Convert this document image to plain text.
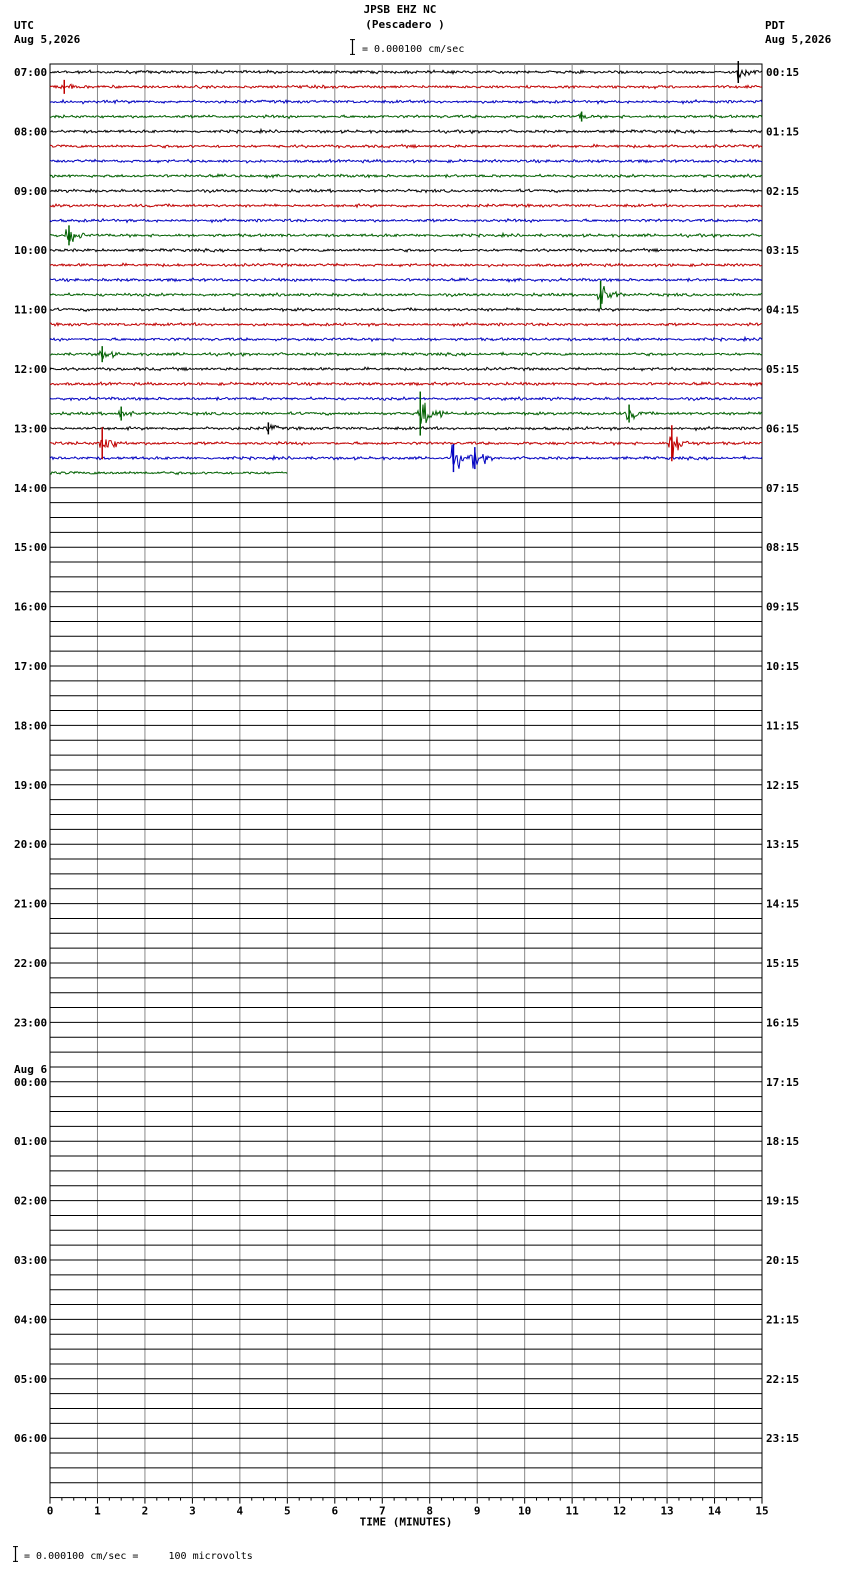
JPSB EHZ NC
(Pescadero )
UTC
Aug 5,2026
PDT
Aug 5,2026
= 0.000100 cm/sec
07:00
08:00
09:00
10:00
11:00
12:00
13:00
14:00
15:00
16:00
17:00
18:00
19:00
20:00
21:00
22:00
23:00
Aug 6
00:00
01:00
02:00
03:00
04:00
05:00
06:00
00:15
01:15
02:15
03:15
04:15
05:15
06:15
07:15
08:15
09:15
10:15
11:15
12:15
13:15
14:15
15:15
16:15
17:15
18:15
19:15
20:15
21:15
22:15
23:15
0	1	2	3	4	5	6	7	8	9	10	11	12	13	14	15
TIME (MINUTES)
= 0.000100 cm/sec =     100 microvolts
